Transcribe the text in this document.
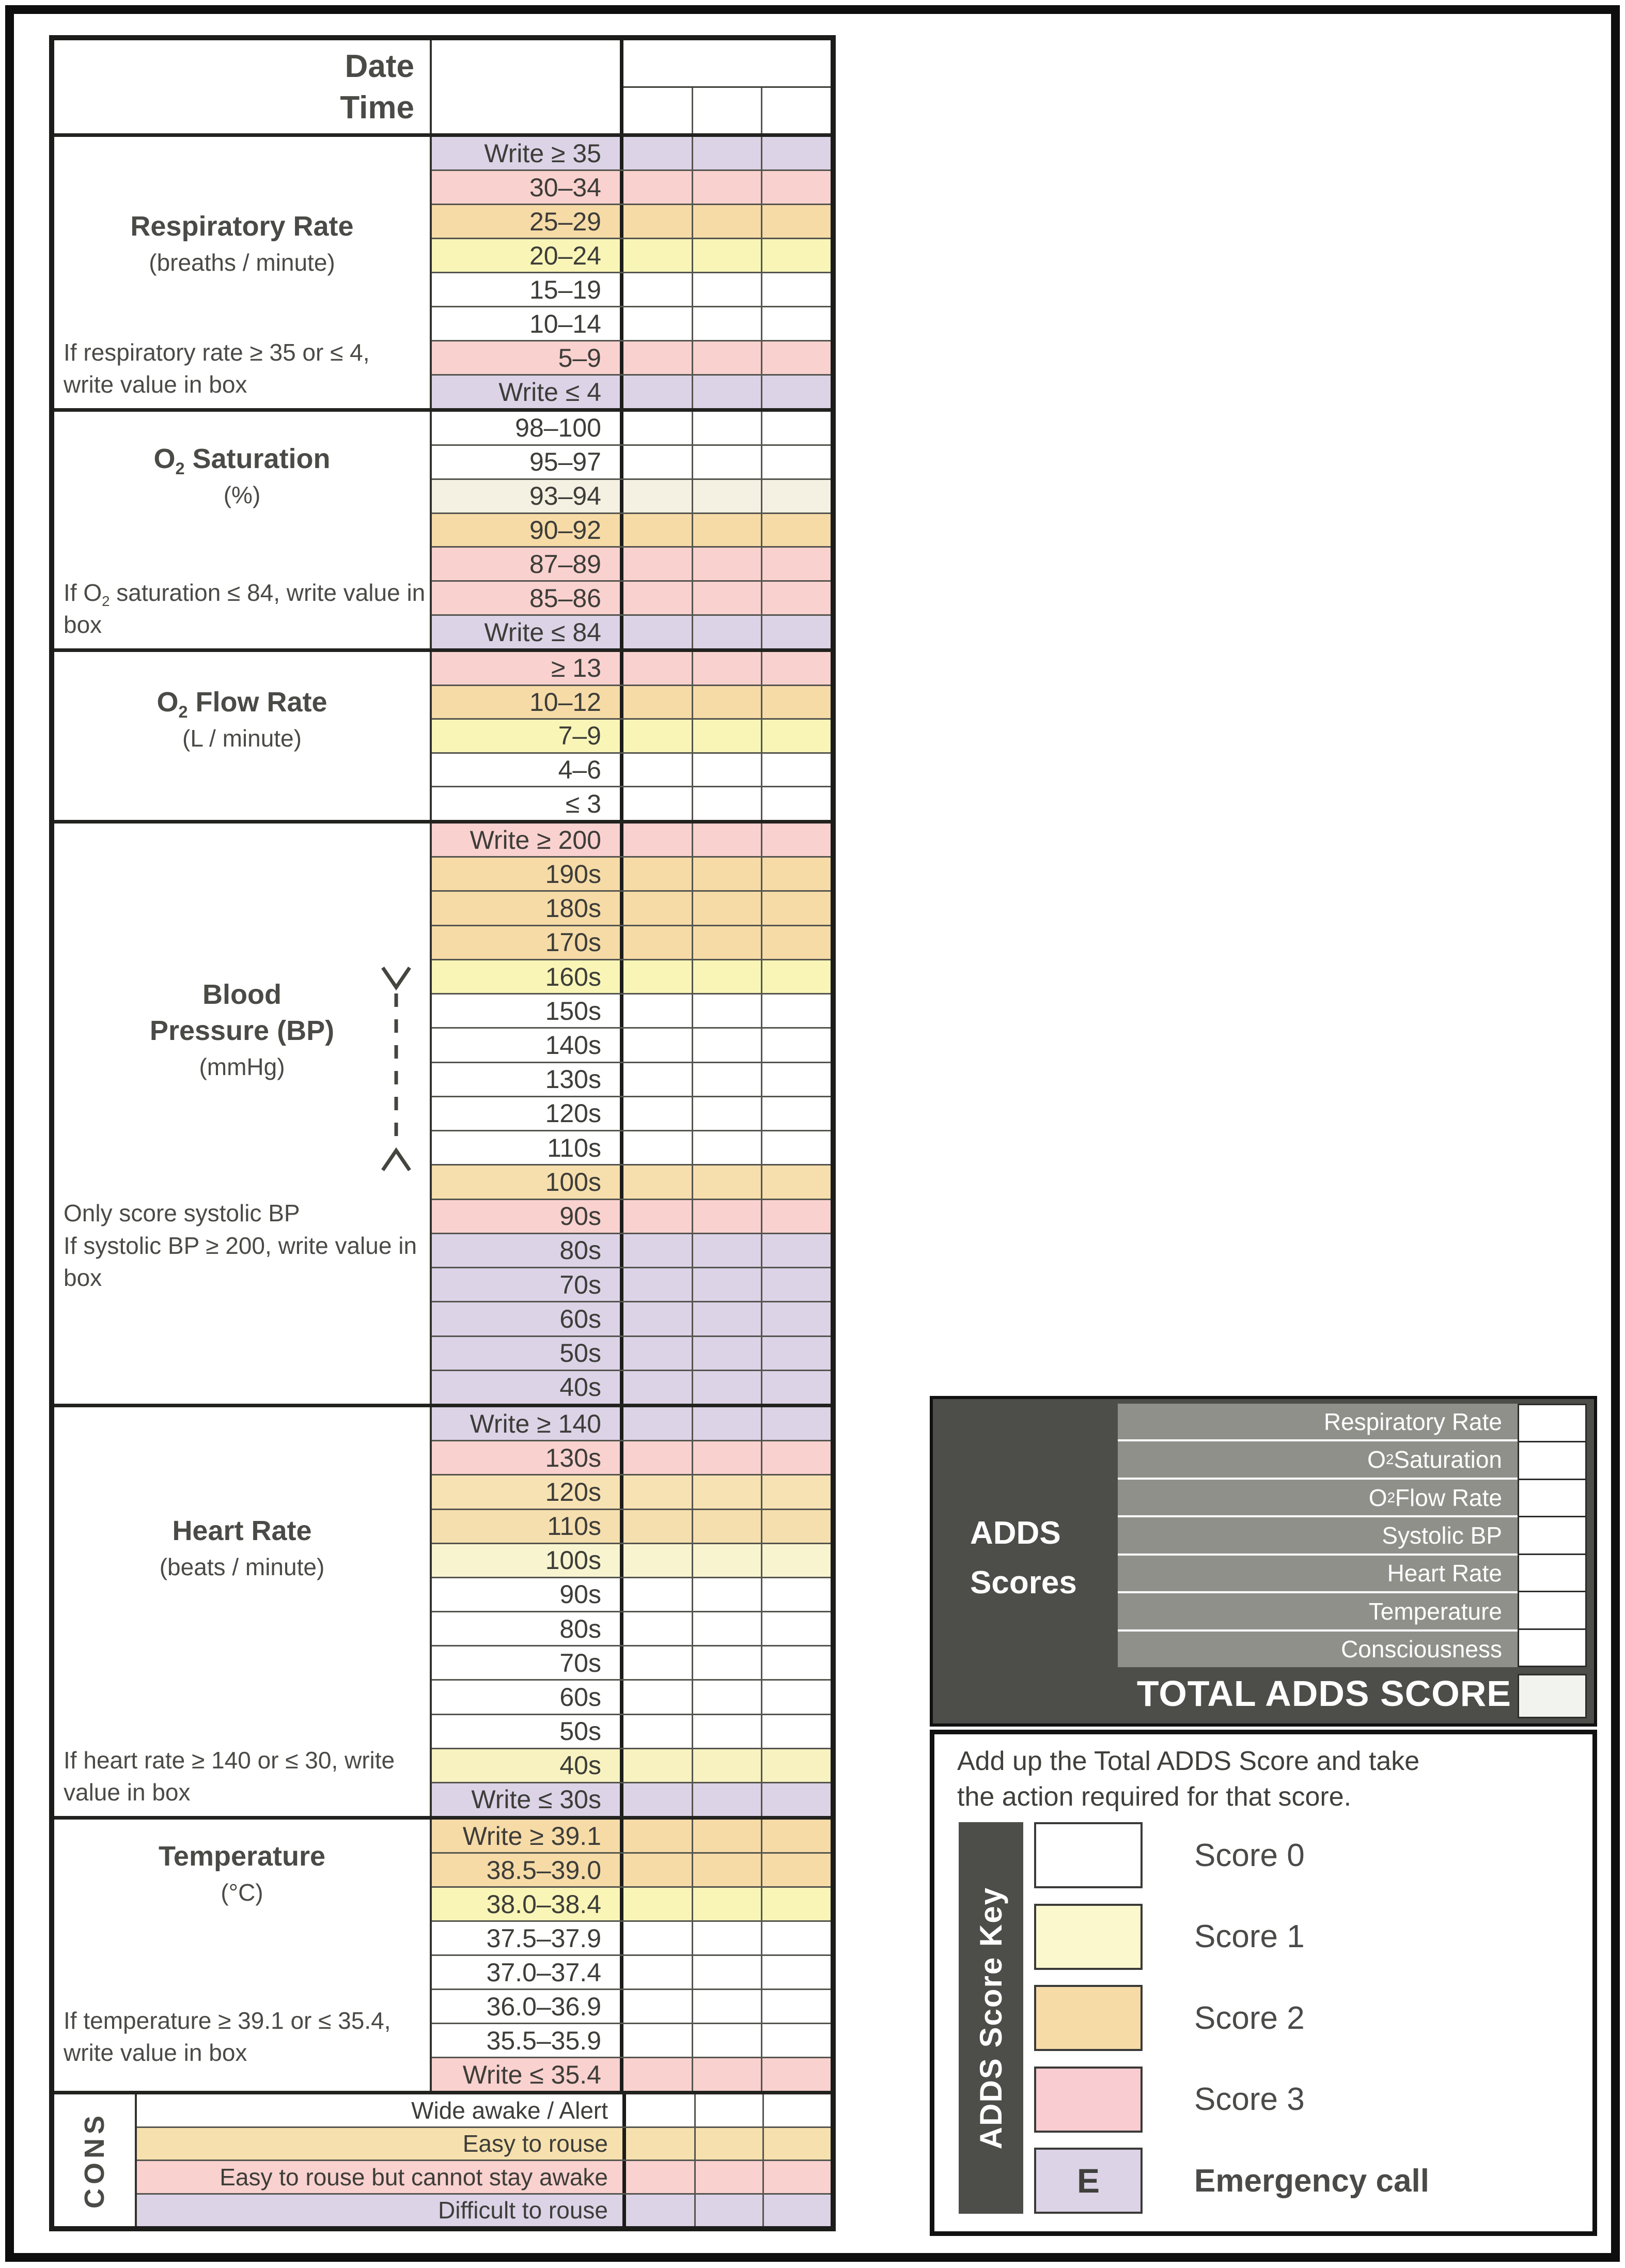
Date
Time
Respiratory Rate
(breaths / minute)
If respiratory rate ≥ 35 or ≤ 4, write value in box
Write ≥ 35
30–34
25–29
20–24
15–19
10–14
5–9
Write ≤ 4
$O_2$ Saturation
(%)
If $O_2$ saturation ≤ 84, write value in box
98–100
95–97
93–94
90–92
87–89
85–86
Write ≤ 84
$O_2$ Flow Rate
(L / minute)
≥ 13
10–12
7–9
4–6
≤ 3
Blood
Pressure (BP)
(mmHg)
Only score systolic BP
If systolic BP ≥ 200, write value in box
Write ≥ 200
190s
180s
170s
160s
150s
140s
130s
120s
110s
100s
90s
80s
70s
60s
50s
40s
Heart Rate
(beats / minute)
If heart rate ≥ 140 or ≤ 30, write value in box
Write ≥ 140
130s
120s
110s
100s
90s
80s
70s
60s
50s
40s
Write ≤ 30s
Temperature
(°C)
If temperature ≥ 39.1 or ≤ 35.4, write value in box
Write ≥ 39.1
38.5–39.0
38.0–38.4
37.5–37.9
37.0–37.4
36.0–36.9
35.5–35.9
Write ≤ 35.4
CONS
Wide awake / Alert
Easy to rouse
Easy to rouse but cannot stay awake
Difficult to rouse
ADDS
Scores
Respiratory Rate
O 2 Saturation
O 2 Flow Rate
Systolic BP
Heart Rate
Temperature
Consciousness
TOTAL ADDS SCORE
Add up the Total ADDS Score and take
the action required for that score.
ADDS Score Key
Score 0
Score 1
Score 2
Score 3
E	Emergency call
